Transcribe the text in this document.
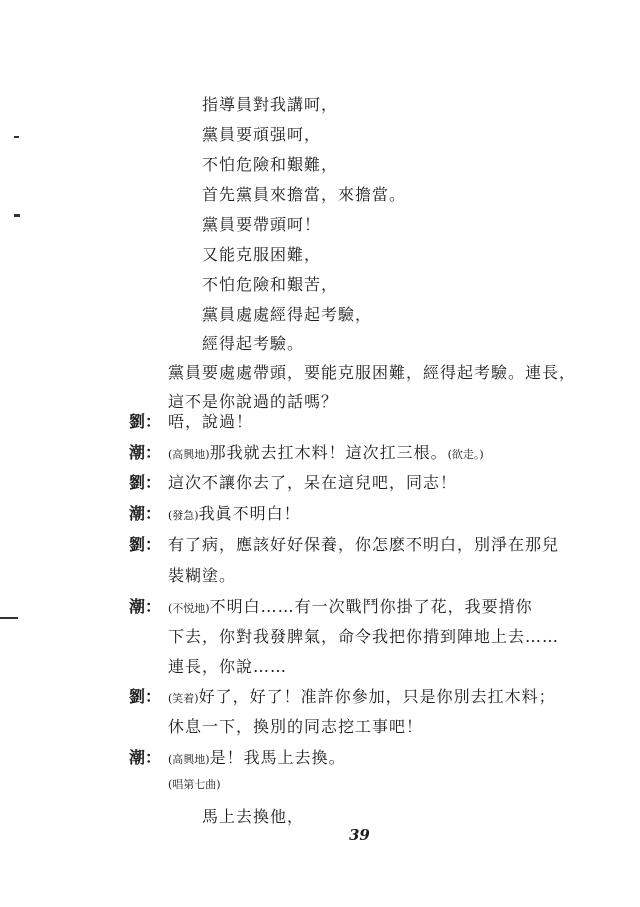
指導員對我講呵，
黨員要頑强呵，
不怕危險和艱難，
首先黨員來擔當，來擔當。
黨員要帶頭呵！
又能克服困難，
不怕危險和艱苦，
黨員處處經得起考驗，
經得起考驗。
黨員要處處帶頭，要能克服困難，經得起考驗。連長，
這不是你說過的話嗎？
劉： 唔，說過！
潮： (高興地)那我就去扛木料！這次扛三根。(欲走。)
劉： 這次不讓你去了，呆在這兒吧，同志！
潮： (發急)我眞不明白！
劉： 有了病，應該好好保養，你怎麽不明白，別淨在那兒
裝糊塗。
潮： (不悦地)不明白……有一次戰鬥你掛了花，我要揹你
下去，你對我發脾氣，命令我把你揹到陣地上去……
連長，你說……
劉： (笑着)好了，好了！准許你參加，只是你別去扛木料；
休息一下，換別的同志挖工事吧！
潮： (高興地)是！我馬上去換。
(唱第七曲)
馬上去換他，
39
